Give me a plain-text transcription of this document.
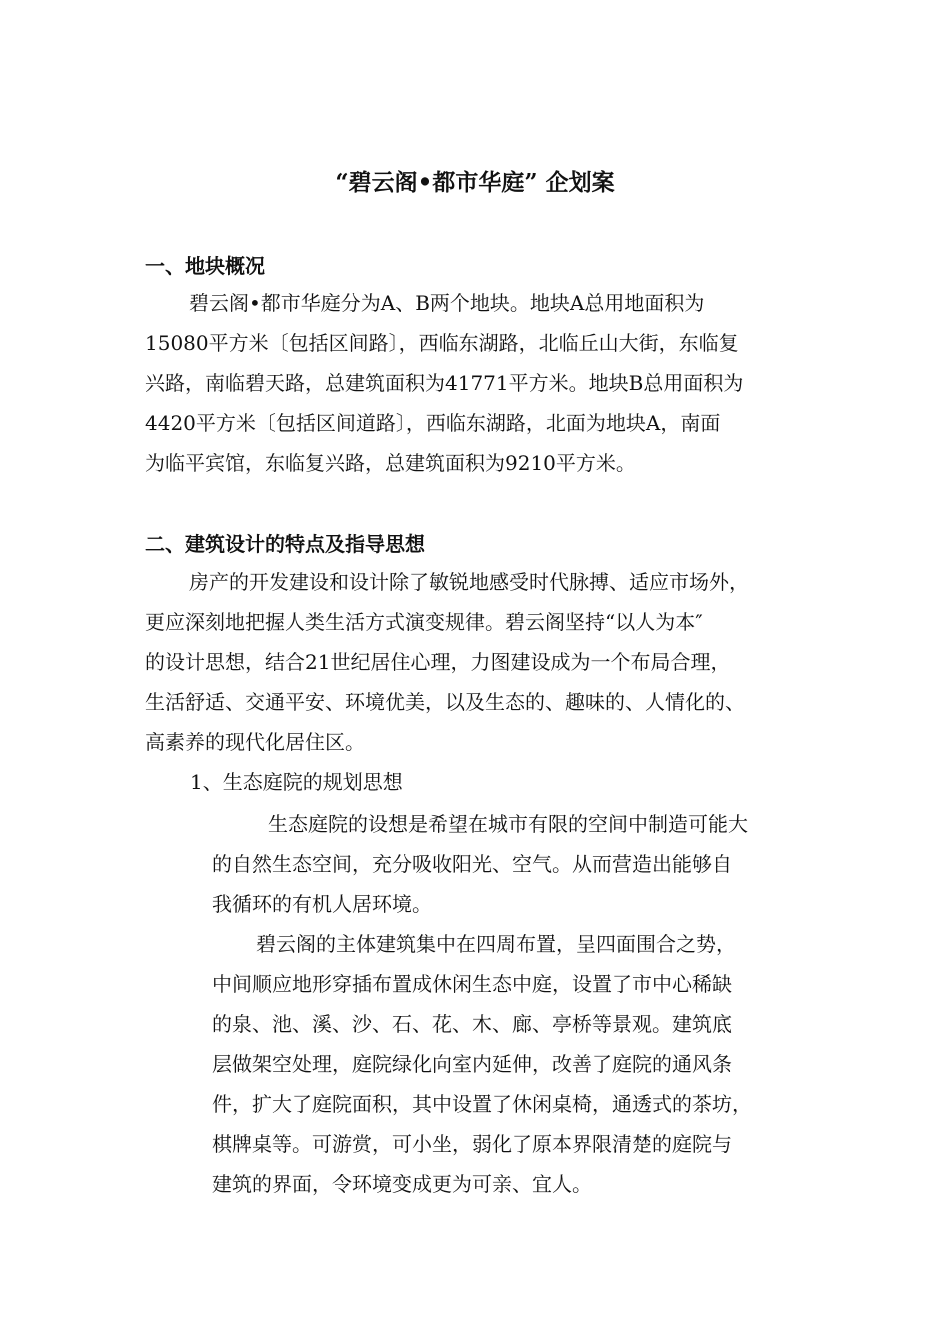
“碧云阁•都市华庭” 企划案
一、地块概况
碧云阁•都市华庭分为A、B两个地块。地块A总用地面积为
15080平方米〔包括区间路〕，西临东湖路，北临丘山大街，东临复
兴路，南临碧天路，总建筑面积为41771平方米。地块B总用面积为
4420平方米〔包括区间道路〕，西临东湖路，北面为地块A，南面
为临平宾馆，东临复兴路，总建筑面积为9210平方米。
二、建筑设计的特点及指导思想
房产的开发建设和设计除了敏锐地感受时代脉搏、适应市场外，
更应深刻地把握人类生活方式演变规律。碧云阁坚持“以人为本″
的设计思想，结合21世纪居住心理，力图建设成为一个布局合理，
生活舒适、交通平安、环境优美，以及生态的、趣味的、人情化的、
高素养的现代化居住区。
1、生态庭院的规划思想
生态庭院的设想是希望在城市有限的空间中制造可能大
的自然生态空间，充分吸收阳光、空气。从而营造出能够自
我循环的有机人居环境。
碧云阁的主体建筑集中在四周布置，呈四面围合之势，
中间顺应地形穿插布置成休闲生态中庭，设置了市中心稀缺
的泉、池、溪、沙、石、花、木、廊、亭桥等景观。建筑底
层做架空处理，庭院绿化向室内延伸，改善了庭院的通风条
件，扩大了庭院面积，其中设置了休闲桌椅，通透式的茶坊，
棋牌桌等。可游赏，可小坐，弱化了原本界限清楚的庭院与
建筑的界面，令环境变成更为可亲、宜人。
